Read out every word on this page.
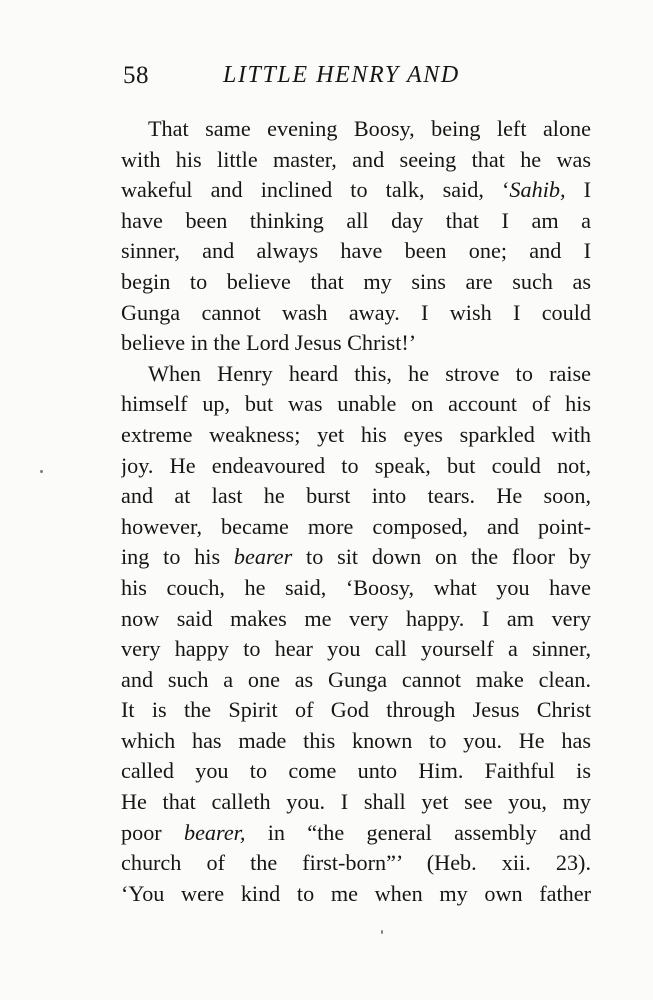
58	LITTLE HENRY AND
That same evening Boosy, being left alone
with his little master, and seeing that he was
wakeful and inclined to talk, said, ‘Sahib, I
have been thinking all day that I am a
sinner, and always have been one; and I
begin to believe that my sins are such as
Gunga cannot wash away. I wish I could
believe in the Lord Jesus Christ!’
When Henry heard this, he strove to raise
himself up, but was unable on account of his
extreme weakness; yet his eyes sparkled with
joy. He endeavoured to speak, but could not,
and at last he burst into tears. He soon,
however, became more composed, and point-
ing to his bearer to sit down on the floor by
his couch, he said, ‘Boosy, what you have
now said makes me very happy. I am very
very happy to hear you call yourself a sinner,
and such a one as Gunga cannot make clean.
It is the Spirit of God through Jesus Christ
which has made this known to you. He has
called you to come unto Him. Faithful is
He that calleth you. I shall yet see you, my
poor bearer, in “the general assembly and
church of the first-born”’ (Heb. xii. 23).
‘You were kind to me when my own father
